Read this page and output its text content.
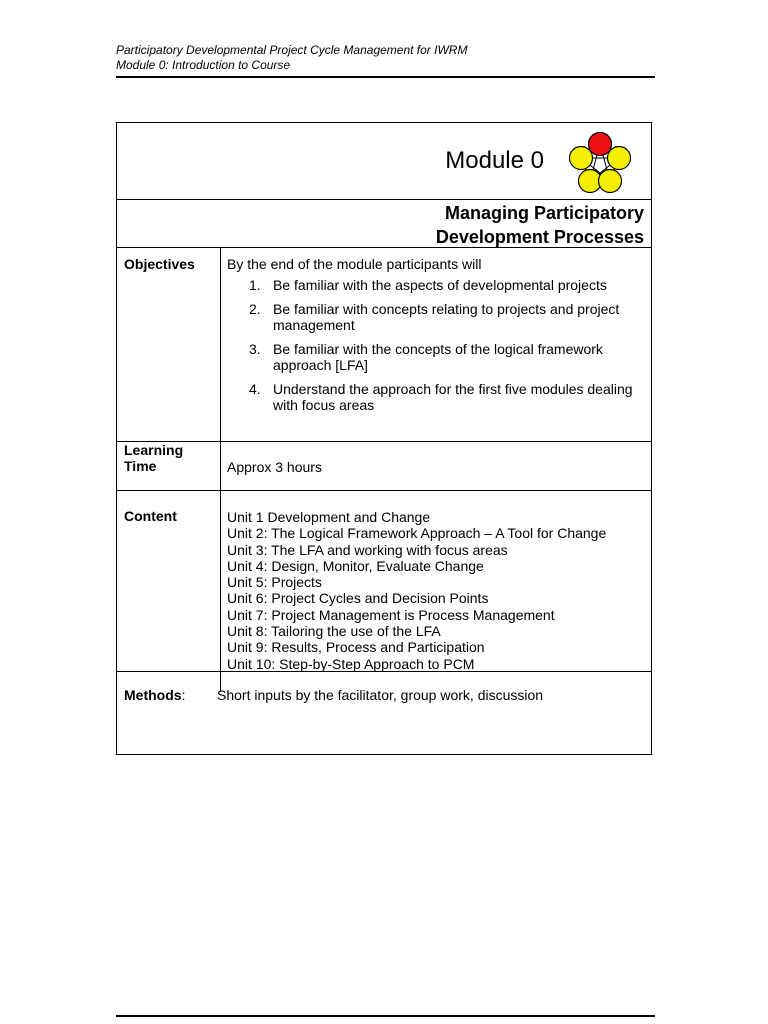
Participatory Developmental Project Cycle Management for IWRM
Module 0: Introduction to Course
Module 0
Managing Participatory
Development Processes
Objectives By the end of the module participants will
1. Be familiar with the aspects of developmental projects
2. Be familiar with concepts relating to projects and project management
3. Be familiar with the concepts of the logical framework approach [LFA]
4. Understand the approach for the first five modules dealing with focus areas
Learning
Time	Approx 3 hours
Content	Unit 1 Development and Change
Unit 2: The Logical Framework Approach – A Tool for Change
Unit 3: The LFA and working with focus areas
Unit 4: Design, Monitor, Evaluate Change
Unit 5: Projects
Unit 6: Project Cycles and Decision Points
Unit 7: Project Management is Process Management
Unit 8: Tailoring the use of the LFA
Unit 9: Results, Process and Participation
Unit 10: Step-by-Step Approach to PCM
Methods: Short inputs by the facilitator, group work, discussion
